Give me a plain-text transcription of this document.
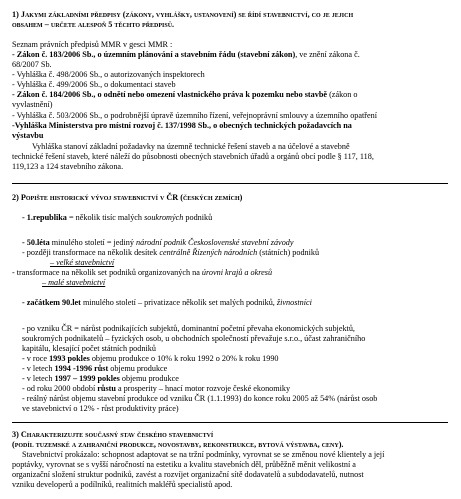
1) Jakymi základními předpisy (zákony, vyhlášky, ustanovení) se řídí stavebnictví, co je jejich
obsahem – určete alespoň 5 těchto předpisů.
Seznam právních předpisů MMR v gesci MMR :
- Zákon č. 183/2006 Sb., o územním plánování a stavebním řádu (stavební zákon), ve znění zákona č.
68/2007 Sb.
- Vyhláška č. 498/2006 Sb., o autorizovaných inspektorech
- Vyhláška č. 499/2006 Sb., o dokumentaci staveb
- Zákon č. 184/2006 Sb., o odnětí nebo omezení vlastnického práva k pozemku nebo stavbě (zákon o
vyvlastnění)
- Vyhláška č. 503/2006 Sb., o podrobnější úpravě územního řízení, veřejnoprávní smlouvy a územního opatření
-Vyhláška Ministerstva pro místní rozvoj č. 137/1998 Sb., o obecných technických požadavcích na
výstavbu
Vyhláška stanoví základní požadavky na územně technické řešení staveb a na účelové a stavebně
technické řešení staveb, které náleží do působnosti obecných stavebních úřadů a orgánů obcí podle § 117, 118,
119,123 a 124 stavebního zákona.
2) Popište historický vývoj stavebnictví v ČR (českých zemích)
- 1.republika = několik tisíc malých soukromých podniků
- 50.léta minulého století = jediný národní podnik Československé stavební závody
- později transformace na několik desítek centrálně Řízených národních (státních) podniků
– velké stavebnictví
- transformace na několik set podniků organizovaných na úrovni krajů a okresů
– malé stavebnictví
- začátkem 90.let minulého století – privatizace několik set malých podniků, živnostníci
- po vzniku ČR = nárůst podnikajících subjektů, dominantní početní převaha ekonomických subjektů,
soukromých podnikatelů – fyzických osob, u obchodních společností převažuje s.r.o., účast zahraničního
kapitálu, klesající počet státních podniků
- v roce 1993 pokles objemu produkce o 10% k roku 1992 o 20% k roku 1990
- v letech 1994 -1996 růst objemu produkce
- v letech 1997 – 1999 pokles objemu produkce
- od roku 2000 období růstu a prosperity – hnací motor rozvoje české ekonomiky
- reálný nárůst objemu stavební produkce od vzniku ČR (1.1.1993) do konce roku 2005 až 54% (nárůst osob
ve stavebnictví o 12% - růst produktivity práce)
3) Charakterizujte současný stav českého stavebnictví
(podíl tuzemské a zahraniční produkce, novostavby, rekonstrukce, bytová výstavba, ceny).
Stavebnictví prokázalo: schopnost adaptovat se na tržní podmínky, vyrovnat se se změnou nové klientely a její
poptávky, vyrovnat se s vyšší náročností na estetiku a kvalitu stavebních děl, průběžně měnit velikostní a
organizační složení struktur podniků, zavést a rozvíjet organizační sítě dodavatelů a subdodavatelů, nutnost
vzniku developerů a podílníků, realitních makléřů specialistů apod.
